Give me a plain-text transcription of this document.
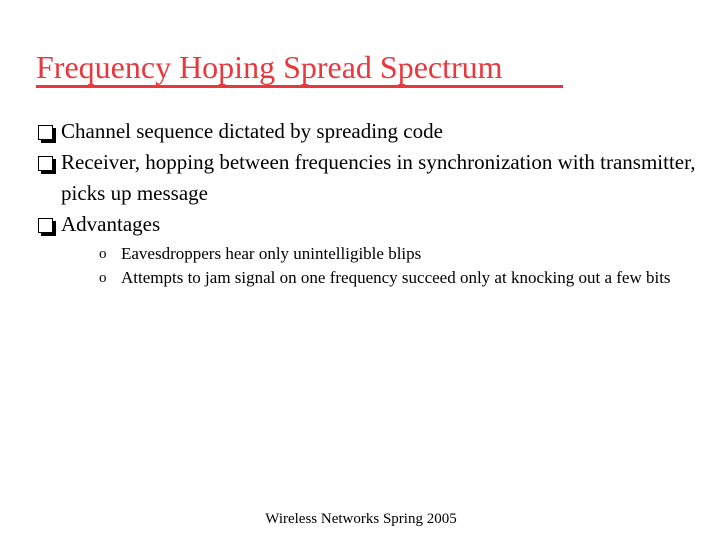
Frequency Hoping Spread Spectrum
Channel sequence dictated by spreading code
Receiver, hopping between frequencies in synchronization with transmitter, picks up message
Advantages
o Eavesdroppers hear only unintelligible blips
o Attempts to jam signal on one frequency succeed only at knocking out a few bits
Wireless Networks Spring 2005
